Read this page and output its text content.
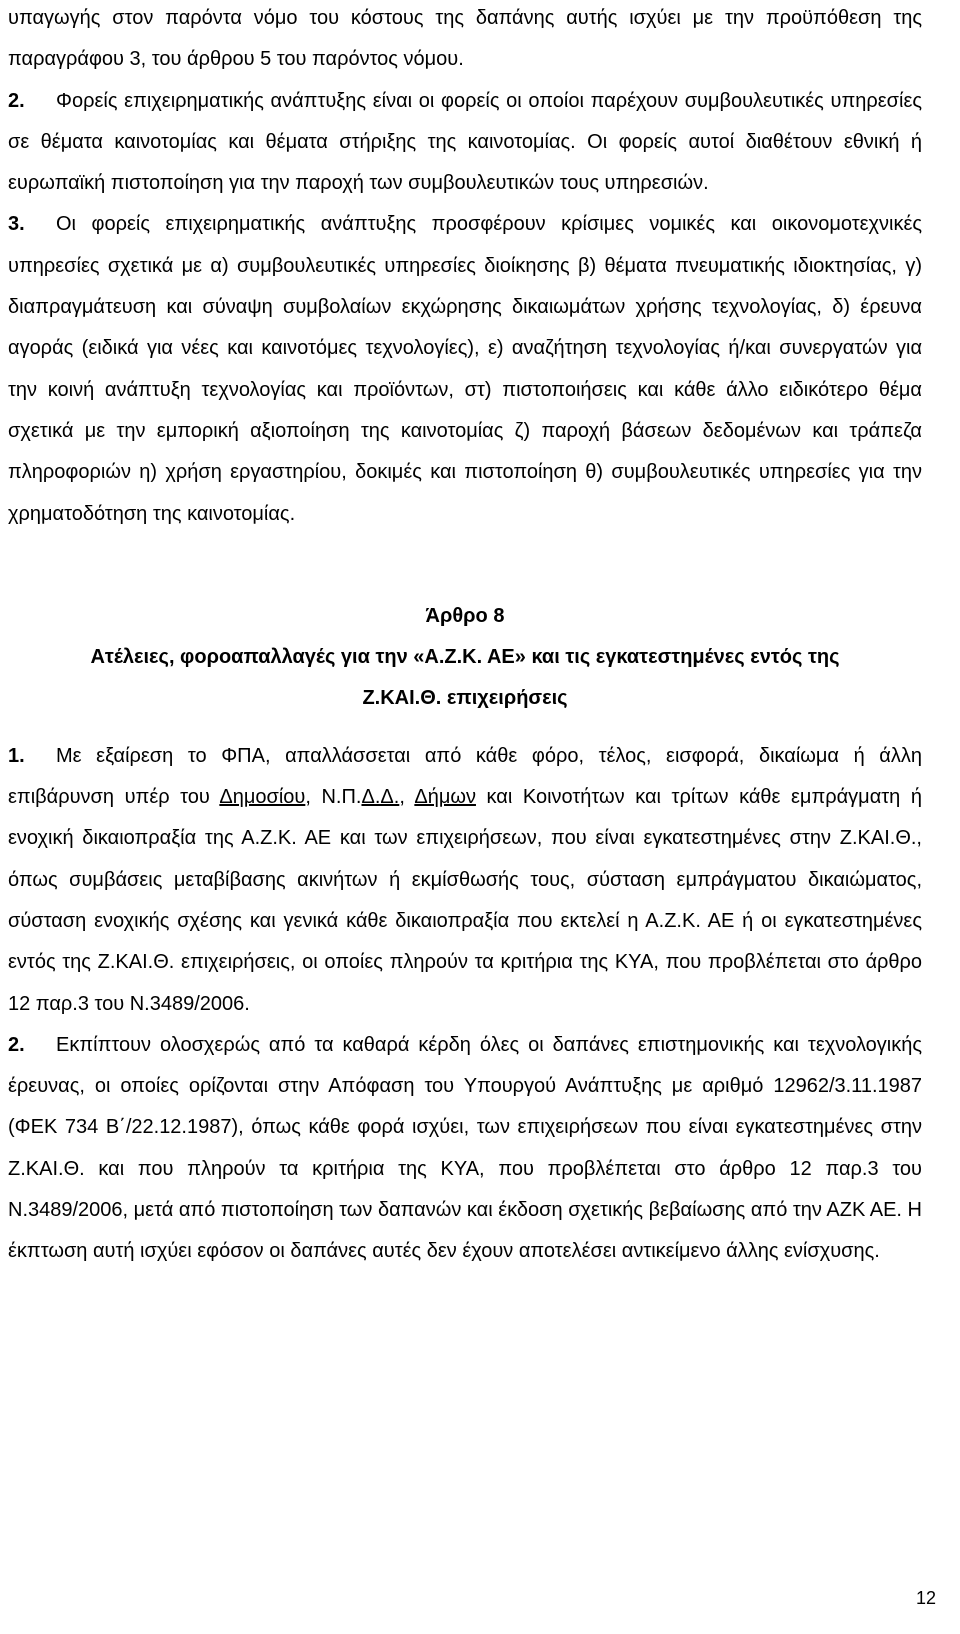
υπαγωγής στον παρόντα νόμο του κόστους της δαπάνης αυτής ισχύει με την προϋπόθεση της παραγράφου 3, του άρθρου 5 του παρόντος νόμου.

2. Φορείς επιχειρηματικής ανάπτυξης είναι οι φορείς οι οποίοι παρέχουν συμβουλευτικές υπηρεσίες σε θέματα καινοτομίας και θέματα στήριξης της καινοτομίας. Οι φορείς αυτοί διαθέτουν εθνική ή ευρωπαϊκή πιστοποίηση για την παροχή των συμβουλευτικών τους υπηρεσιών.

3. Οι φορείς επιχειρηματικής ανάπτυξης προσφέρουν κρίσιμες νομικές και οικονομοτεχνικές υπηρεσίες σχετικά με α) συμβουλευτικές υπηρεσίες διοίκησης β) θέματα πνευματικής ιδιοκτησίας, γ) διαπραγμάτευση και σύναψη συμβολαίων εκχώρησης δικαιωμάτων χρήσης τεχνολογίας, δ) έρευνα αγοράς (ειδικά για νέες και καινοτόμες τεχνολογίες), ε) αναζήτηση τεχνολογίας ή/και συνεργατών για την κοινή ανάπτυξη τεχνολογίας και προϊόντων, στ) πιστοποιήσεις και κάθε άλλο ειδικότερο θέμα σχετικά με την εμπορική αξιοποίηση της καινοτομίας ζ) παροχή βάσεων δεδομένων και τράπεζα πληροφοριών η) χρήση εργαστηρίου, δοκιμές και πιστοποίηση θ) συμβουλευτικές υπηρεσίες για την χρηματοδότηση της καινοτομίας.

Άρθρο 8

Ατέλειες, φοροαπαλλαγές για την «Α.Ζ.Κ. ΑΕ» και τις εγκατεστημένες εντός της

Ζ.ΚΑΙ.Θ. επιχειρήσεις

1. Με εξαίρεση το ΦΠΑ, απαλλάσσεται από κάθε φόρο, τέλος, εισφορά, δικαίωμα ή άλλη επιβάρυνση υπέρ του Δημοσίου, Ν.Π.Δ.Δ., Δήμων και Κοινοτήτων και τρίτων κάθε εμπράγματη ή ενοχική δικαιοπραξία της Α.Ζ.Κ. ΑΕ και των επιχειρήσεων, που είναι εγκατεστημένες στην Ζ.ΚΑΙ.Θ., όπως συμβάσεις μεταβίβασης ακινήτων ή εκμίσθωσής τους, σύσταση εμπράγματου δικαιώματος, σύσταση ενοχικής σχέσης και γενικά κάθε δικαιοπραξία που εκτελεί η Α.Ζ.Κ. ΑΕ ή οι εγκατεστημένες εντός της Ζ.ΚΑΙ.Θ. επιχειρήσεις, οι οποίες πληρούν τα κριτήρια της ΚΥΑ, που προβλέπεται στο άρθρο 12 παρ.3 του Ν.3489/2006.

2. Εκπίπτουν ολοσχερώς από τα καθαρά κέρδη όλες οι δαπάνες επιστημονικής και τεχνολογικής έρευνας, οι οποίες ορίζονται στην Απόφαση του Υπουργού Ανάπτυξης με αριθμό 12962/3.11.1987 (ΦΕΚ 734 Β΄/22.12.1987), όπως κάθε φορά ισχύει, των επιχειρήσεων που είναι εγκατεστημένες στην Ζ.ΚΑΙ.Θ. και που πληρούν τα κριτήρια της ΚΥΑ, που προβλέπεται στο άρθρο 12 παρ.3 του Ν.3489/2006, μετά από πιστοποίηση των δαπανών και έκδοση σχετικής βεβαίωσης από την ΑΖΚ ΑΕ. Η έκπτωση αυτή ισχύει εφόσον οι δαπάνες αυτές δεν έχουν αποτελέσει αντικείμενο άλλης ενίσχυσης.

12
